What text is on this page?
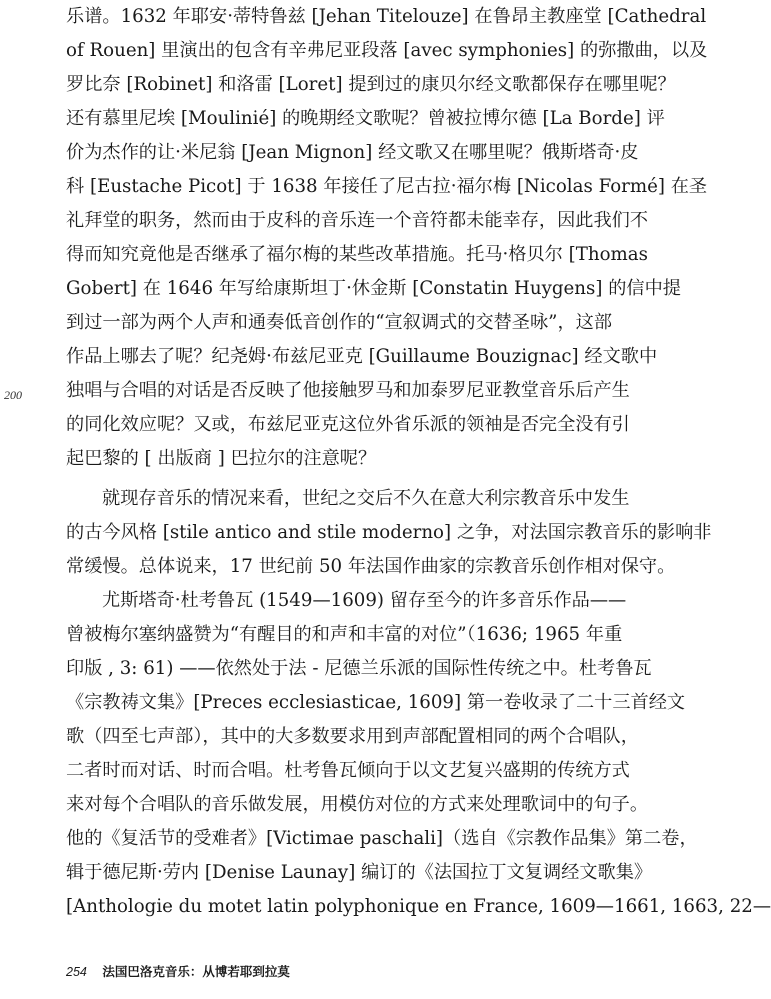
200
乐谱。1632 年耶安·蒂特鲁兹 [Jehan Titelouze] 在鲁昂主教座堂 [Cathedral
of Rouen] 里演出的包含有辛弗尼亚段落 [avec symphonies] 的弥撒曲，以及
罗比奈 [Robinet] 和洛雷 [Loret] 提到过的康贝尔经文歌都保存在哪里呢？
还有慕里尼埃 [Moulinié] 的晚期经文歌呢？曾被拉博尔德 [La Borde] 评
价为杰作的让·米尼翁 [Jean Mignon] 经文歌又在哪里呢？俄斯塔奇·皮
科 [Eustache Picot] 于 1638 年接任了尼古拉·福尔梅 [Nicolas Formé] 在圣
礼拜堂的职务，然而由于皮科的音乐连一个音符都未能幸存，因此我们不
得而知究竟他是否继承了福尔梅的某些改革措施。托马·格贝尔 [Thomas
Gobert] 在 1646 年写给康斯坦丁·休金斯 [Constatin Huygens] 的信中提
到过一部为两个人声和通奏低音创作的“宣叙调式的交替圣咏”，这部
作品上哪去了呢？纪尧姆·布兹尼亚克 [Guillaume Bouzignac] 经文歌中
独唱与合唱的对话是否反映了他接触罗马和加泰罗尼亚教堂音乐后产生
的同化效应呢？又或，布兹尼亚克这位外省乐派的领袖是否完全没有引
起巴黎的 [ 出版商 ] 巴拉尔的注意呢？
就现存音乐的情况来看，世纪之交后不久在意大利宗教音乐中发生
的古今风格 [stile antico and stile moderno] 之争，对法国宗教音乐的影响非
常缓慢。总体说来，17 世纪前 50 年法国作曲家的宗教音乐创作相对保守。
尤斯塔奇·杜考鲁瓦 (1549—1609) 留存至今的许多音乐作品——
曾被梅尔塞纳盛赞为“有醒目的和声和丰富的对位”（1636; 1965 年重
印版 , 3: 61) ——依然处于法 - 尼德兰乐派的国际性传统之中。杜考鲁瓦
《宗教祷文集》[Preces ecclesiasticae, 1609] 第一卷收录了二十三首经文
歌（四至七声部），其中的大多数要求用到声部配置相同的两个合唱队，
二者时而对话、时而合唱。杜考鲁瓦倾向于以文艺复兴盛期的传统方式
来对每个合唱队的音乐做发展，用模仿对位的方式来处理歌词中的句子。
他的《复活节的受难者》[Victimae paschali]（选自《宗教作品集》第二卷，
辑于德尼斯·劳内 [Denise Launay] 编订的《法国拉丁文复调经文歌集》
[Anthologie du motet latin polyphonique en France, 1609—1661, 1663, 22—
254 法国巴洛克音乐：从博若耶到拉莫
